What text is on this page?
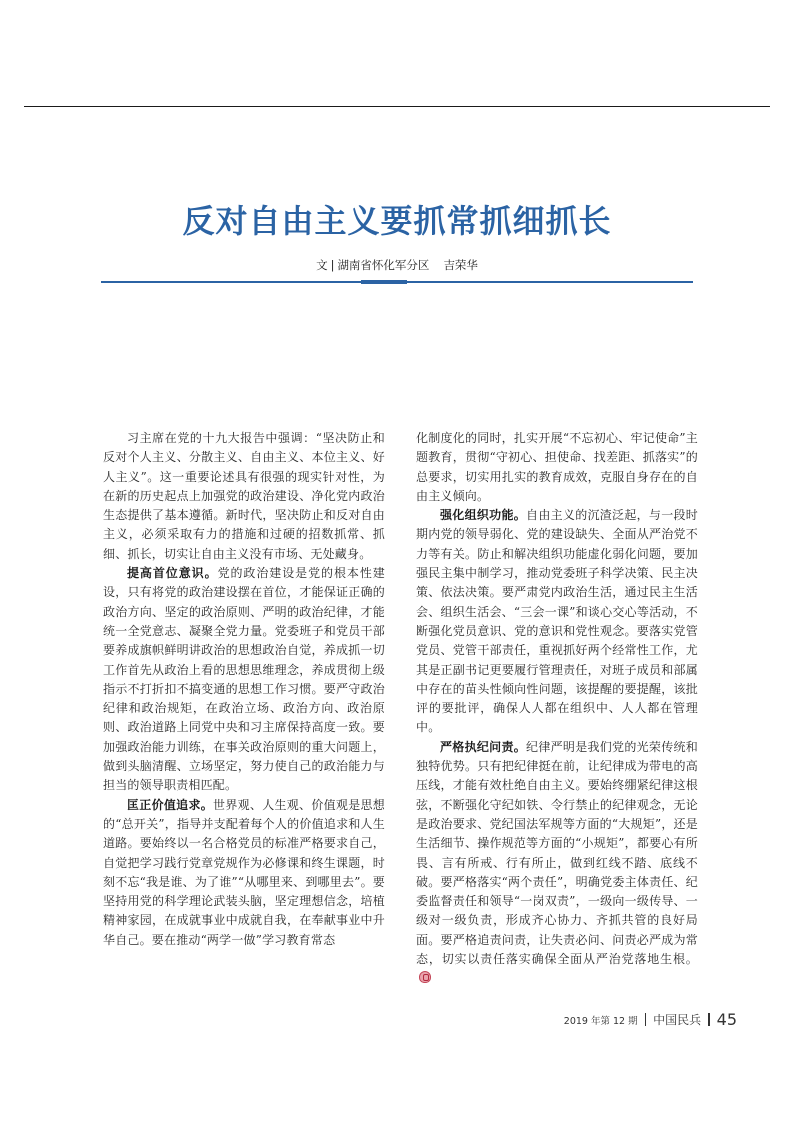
反对自由主义要抓常抓细抓长
文 | 湖南省怀化军分区 吉荣华

习主席在党的十九大报告中强调：“坚决防止和反对个人主义、分散主义、自由主义、本位主义、好人主义”。这一重要论述具有很强的现实针对性，为在新的历史起点上加强党的政治建设、净化党内政治生态提供了基本遵循。新时代，坚决防止和反对自由主义，必须采取有力的措施和过硬的招数抓常、抓细、抓长，切实让自由主义没有市场、无处藏身。

提高首位意识。党的政治建设是党的根本性建设，只有将党的政治建设摆在首位，才能保证正确的政治方向、坚定的政治原则、严明的政治纪律，才能统一全党意志、凝聚全党力量。党委班子和党员干部要养成旗帜鲜明讲政治的思想政治自觉，养成抓一切工作首先从政治上看的思想思维理念，养成贯彻上级指示不打折扣不搞变通的思想工作习惯。要严守政治纪律和政治规矩，在政治立场、政治方向、政治原则、政治道路上同党中央和习主席保持高度一致。要加强政治能力训练，在事关政治原则的重大问题上，做到头脑清醒、立场坚定，努力使自己的政治能力与担当的领导职责相匹配。

匡正价值追求。世界观、人生观、价值观是思想的“总开关”，指导并支配着每个人的价值追求和人生道路。要始终以一名合格党员的标准严格要求自己，自觉把学习践行党章党规作为必修课和终生课题，时刻不忘“我是谁、为了谁”“从哪里来、到哪里去”。要坚持用党的科学理论武装头脑，坚定理想信念，培植精神家园，在成就事业中成就自我，在奉献事业中升华自己。要在推动“两学一做”学习教育常态

化制度化的同时，扎实开展“不忘初心、牢记使命”主题教育，贯彻“守初心、担使命、找差距、抓落实”的总要求，切实用扎实的教育成效，克服自身存在的自由主义倾向。

强化组织功能。自由主义的沉渣泛起，与一段时期内党的领导弱化、党的建设缺失、全面从严治党不力等有关。防止和解决组织功能虚化弱化问题，要加强民主集中制学习，推动党委班子科学决策、民主决策、依法决策。要严肃党内政治生活，通过民主生活会、组织生活会、“三会一课”和谈心交心等活动，不断强化党员意识、党的意识和党性观念。要落实党管党员、党管干部责任，重视抓好两个经常性工作，尤其是正副书记更要履行管理责任，对班子成员和部属中存在的苗头性倾向性问题，该提醒的要提醒，该批评的要批评，确保人人都在组织中、人人都在管理中。

严格执纪问责。纪律严明是我们党的光荣传统和独特优势。只有把纪律挺在前，让纪律成为带电的高压线，才能有效杜绝自由主义。要始终绷紧纪律这根弦，不断强化守纪如铁、令行禁止的纪律观念，无论是政治要求、党纪国法军规等方面的“大规矩”，还是生活细节、操作规范等方面的“小规矩”，都要心有所畏、言有所戒、行有所止，做到红线不踏、底线不破。要严格落实“两个责任”，明确党委主体责任、纪委监督责任和领导“一岗双责”，一级向一级传导、一级对一级负责，形成齐心协力、齐抓共管的良好局面。要严格追责问责，让失责必问、问责必严成为常态，切实以责任落实确保全面从严治党落地生根。

2019 年第 12 期 中国民兵 45
